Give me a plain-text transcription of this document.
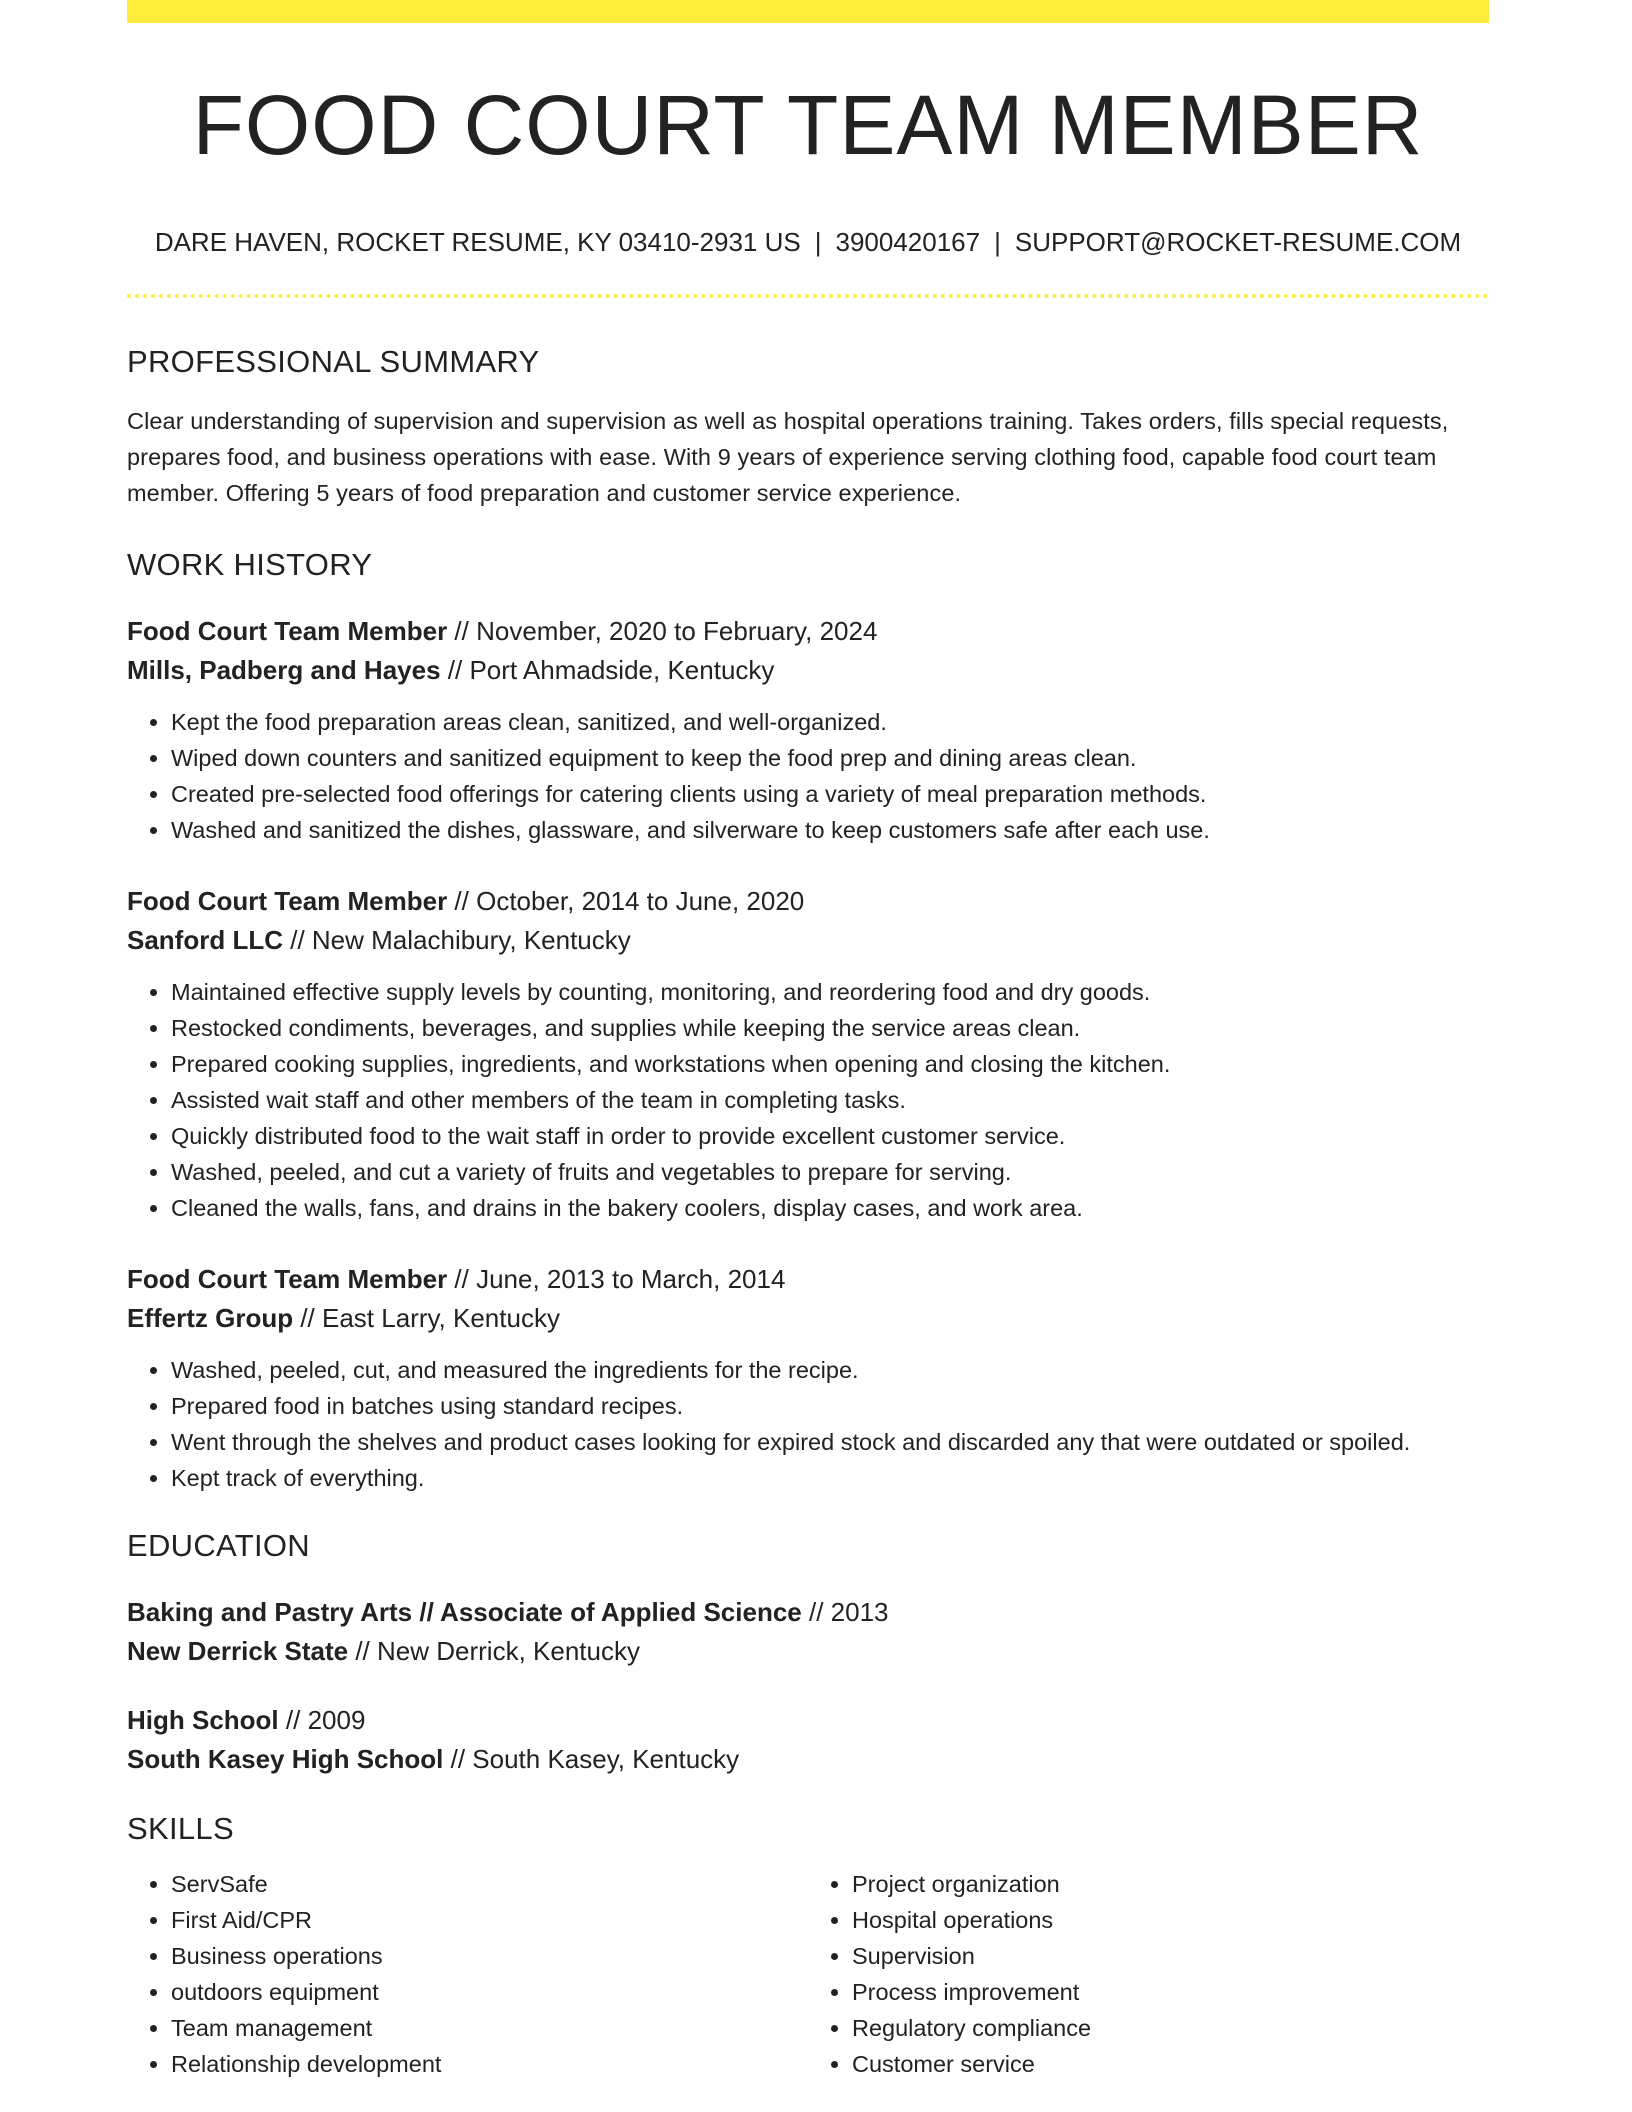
FOOD COURT TEAM MEMBER
DARE HAVEN, ROCKET RESUME, KY 03410-2931 US | 3900420167 | SUPPORT@ROCKET-RESUME.COM
PROFESSIONAL SUMMARY

Clear understanding of supervision and supervision as well as hospital operations training. Takes orders, fills special requests, prepares food, and business operations with ease. With 9 years of experience serving clothing food, capable food court team member. Offering 5 years of food preparation and customer service experience.

WORK HISTORY
Food Court Team Member // November, 2020 to February, 2024
Mills, Padberg and Hayes // Port Ahmadside, Kentucky
• Kept the food preparation areas clean, sanitized, and well-organized.
• Wiped down counters and sanitized equipment to keep the food prep and dining areas clean.
• Created pre-selected food offerings for catering clients using a variety of meal preparation methods.
• Washed and sanitized the dishes, glassware, and silverware to keep customers safe after each use.
Food Court Team Member // October, 2014 to June, 2020
Sanford LLC // New Malachibury, Kentucky
• Maintained effective supply levels by counting, monitoring, and reordering food and dry goods.
• Restocked condiments, beverages, and supplies while keeping the service areas clean.
• Prepared cooking supplies, ingredients, and workstations when opening and closing the kitchen.
• Assisted wait staff and other members of the team in completing tasks.
• Quickly distributed food to the wait staff in order to provide excellent customer service.
• Washed, peeled, and cut a variety of fruits and vegetables to prepare for serving.
• Cleaned the walls, fans, and drains in the bakery coolers, display cases, and work area.
Food Court Team Member // June, 2013 to March, 2014
Effertz Group // East Larry, Kentucky
• Washed, peeled, cut, and measured the ingredients for the recipe.
• Prepared food in batches using standard recipes.
• Went through the shelves and product cases looking for expired stock and discarded any that were outdated or spoiled.
• Kept track of everything.
EDUCATION
Baking and Pastry Arts // Associate of Applied Science // 2013
New Derrick State // New Derrick, Kentucky
High School // 2009
South Kasey High School // South Kasey, Kentucky
SKILLS
• ServSafe
• First Aid/CPR
• Business operations
• outdoors equipment
• Team management
• Relationship development
• Project organization
• Hospital operations
• Supervision
• Process improvement
• Regulatory compliance
• Customer service
